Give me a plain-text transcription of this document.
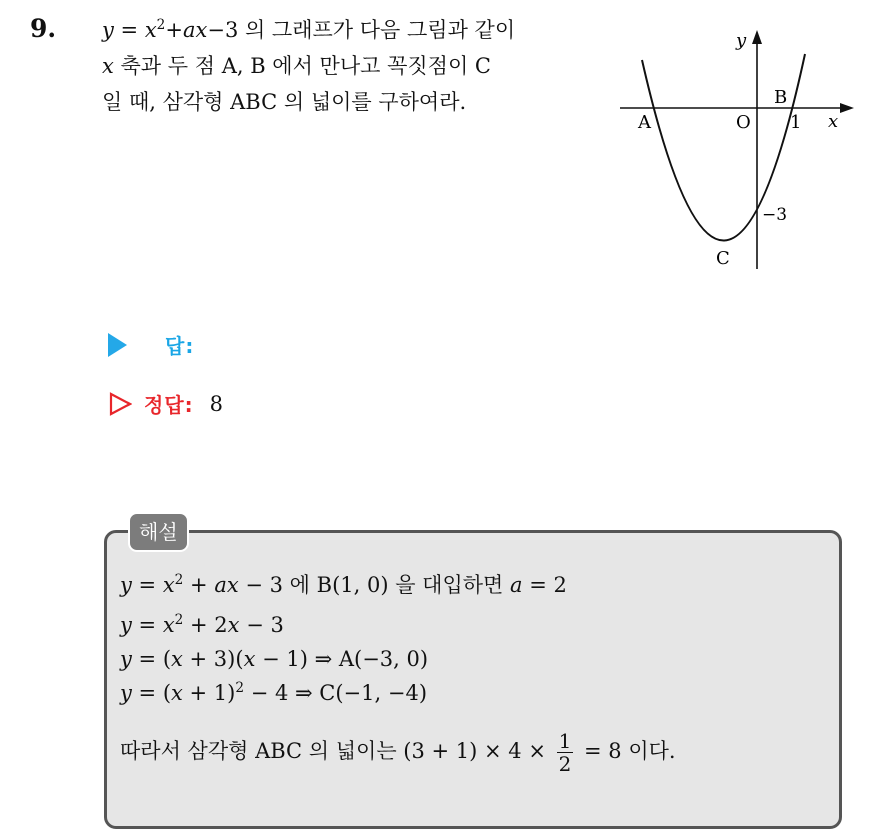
9. $y = x^2+ax-3$ 의 그래프가 다음 그림과 같이
x 축과 두 점 A, B 에서 만나고 꼭짓점이 C
일 때, 삼각형 ABC 의 넓이를 구하여라.
y
x
A	O
B
1
−3
C
답:
정답: 8
해설
$y = x^2$ + ax − 3 에 B(1, 0) 을 대입하면 a = 2
$y = x^2 + 2x - 3$
y = (x + 3)(x − 1) ⇒ A(−3, 0)
$y = (x + 1)^2 - 4$ ⇒ C(−1, −4)
따라서 삼각형 ABC 의 넓이는 $(3 + 1) \times 4 \times \frac{1}{2} = 8$ 이다.
